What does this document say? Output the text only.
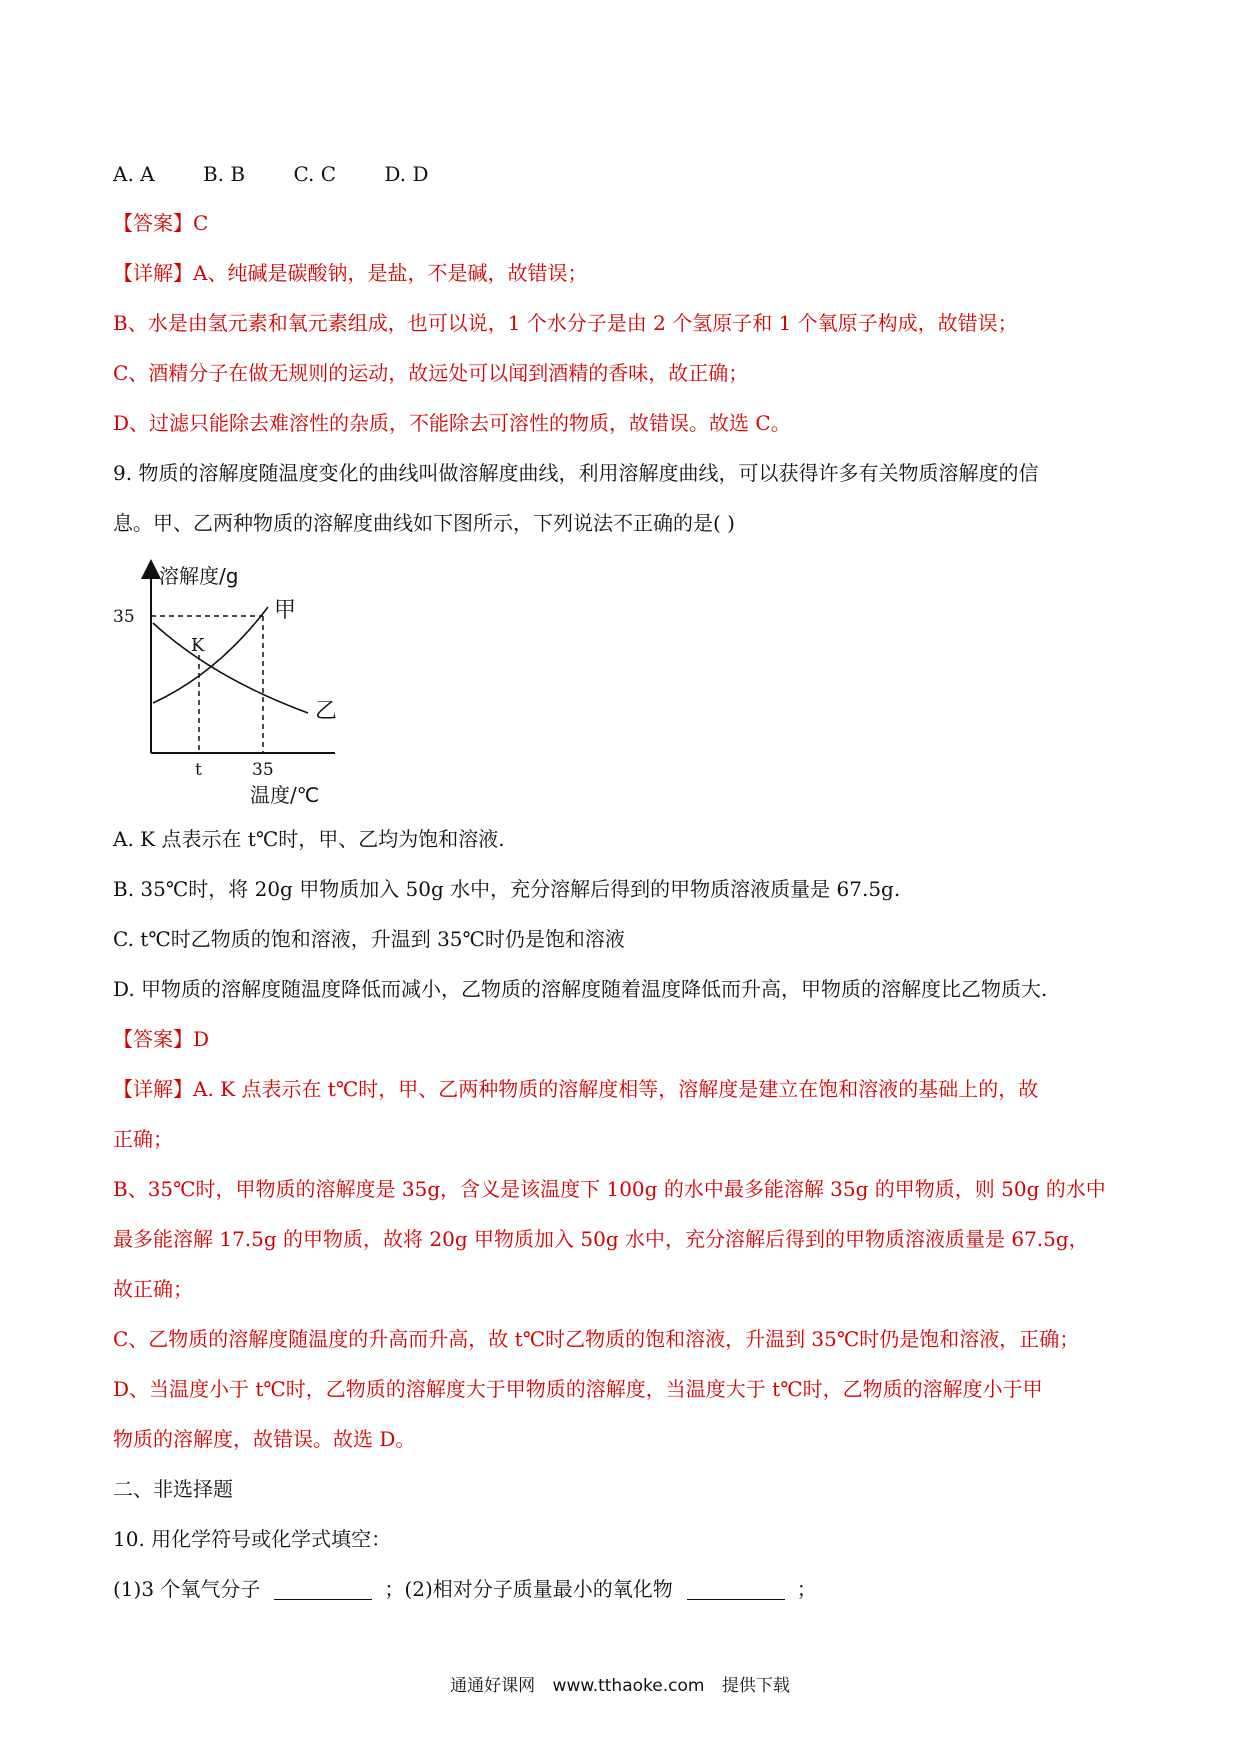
A. A B. B C. C D. D
【答案】C
【详解】A、纯碱是碳酸钠，是盐，不是碱，故错误；
B、水是由氢元素和氧元素组成，也可以说，1 个水分子是由 2 个氢原子和 1 个氧原子构成，故错误；
C、酒精分子在做无规则的运动，故远处可以闻到酒精的香味，故正确；
D、过滤只能除去难溶性的杂质，不能除去可溶性的物质，故错误。故选 C。
9. 物质的溶解度随温度变化的曲线叫做溶解度曲线，利用溶解度曲线，可以获得许多有关物质溶解度的信
息。甲、乙两种物质的溶解度曲线如下图所示，下列说法不正确的是( )
溶解度/g
35
K
甲
乙
t	35
温度/℃
A. K 点表示在 t℃时，甲、乙均为饱和溶液.
B. 35℃时，将 20g 甲物质加入 50g 水中，充分溶解后得到的甲物质溶液质量是 67.5g.
C. t℃时乙物质的饱和溶液，升温到 35℃时仍是饱和溶液
D. 甲物质的溶解度随温度降低而减小，乙物质的溶解度随着温度降低而升高，甲物质的溶解度比乙物质大.
【答案】D
【详解】A. K 点表示在 t℃时，甲、乙两种物质的溶解度相等，溶解度是建立在饱和溶液的基础上的，故
正确；
B、35℃时，甲物质的溶解度是 35g，含义是该温度下 100g 的水中最多能溶解 35g 的甲物质，则 50g 的水中
最多能溶解 17.5g 的甲物质，故将 20g 甲物质加入 50g 水中，充分溶解后得到的甲物质溶液质量是 67.5g，
故正确；
C、乙物质的溶解度随温度的升高而升高，故 t℃时乙物质的饱和溶液，升温到 35℃时仍是饱和溶液，正确；
D、当温度小于 t℃时，乙物质的溶解度大于甲物质的溶解度，当温度大于 t℃时，乙物质的溶解度小于甲
物质的溶解度，故错误。故选 D。
二、非选择题
10. 用化学符号或化学式填空：
(1)3 个氧气分子	；(2)相对分子质量最小的氧化物	；
通通好课网 www.tthaoke.com 提供下载
